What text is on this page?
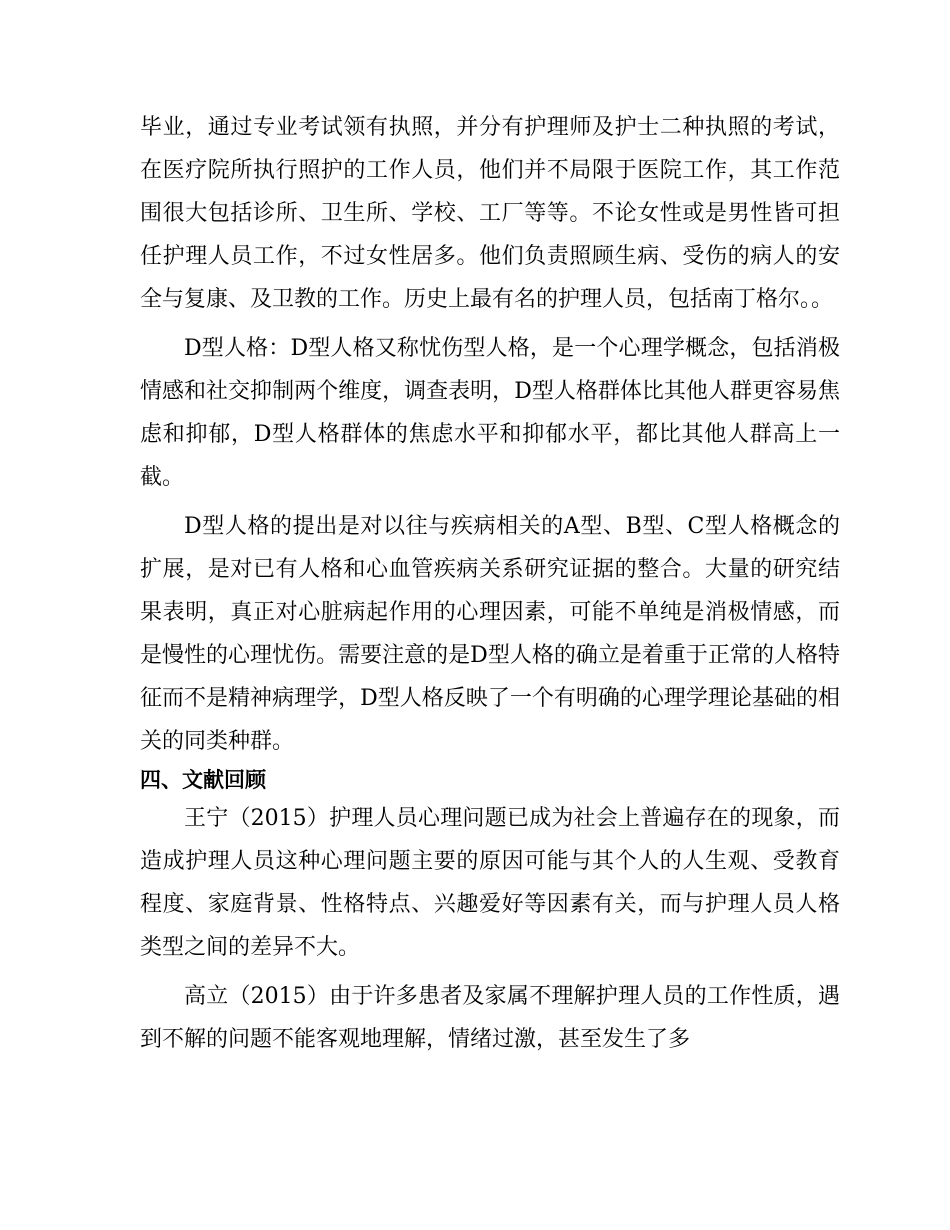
毕业，通过专业考试领有执照，并分有护理师及护士二种执照的考试，在医疗院所执行照护的工作人员，他们并不局限于医院工作，其工作范围很大包括诊所、卫生所、学校、工厂等等。不论女性或是男性皆可担任护理人员工作，不过女性居多。他们负责照顾生病、受伤的病人的安全与复康、及卫教的工作。历史上最有名的护理人员，包括南丁格尔。。

D型人格：D型人格又称忧伤型人格，是一个心理学概念，包括消极情感和社交抑制两个维度，调查表明，D型人格群体比其他人群更容易焦虑和抑郁，D型人格群体的焦虑水平和抑郁水平，都比其他人群高上一截。

D型人格的提出是对以往与疾病相关的A型、B型、C型人格概念的扩展，是对已有人格和心血管疾病关系研究证据的整合。大量的研究结果表明，真正对心脏病起作用的心理因素，可能不单纯是消极情感，而是慢性的心理忧伤。需要注意的是D型人格的确立是着重于正常的人格特征而不是精神病理学，D型人格反映了一个有明确的心理学理论基础的相关的同类种群。

四、文献回顾

王宁（2015）护理人员心理问题已成为社会上普遍存在的现象，而造成护理人员这种心理问题主要的原因可能与其个人的人生观、受教育程度、家庭背景、性格特点、兴趣爱好等因素有关，而与护理人员人格类型之间的差异不大。

高立（2015）由于许多患者及家属不理解护理人员的工作性质，遇到不解的问题不能客观地理解，情绪过激，甚至发生了多
